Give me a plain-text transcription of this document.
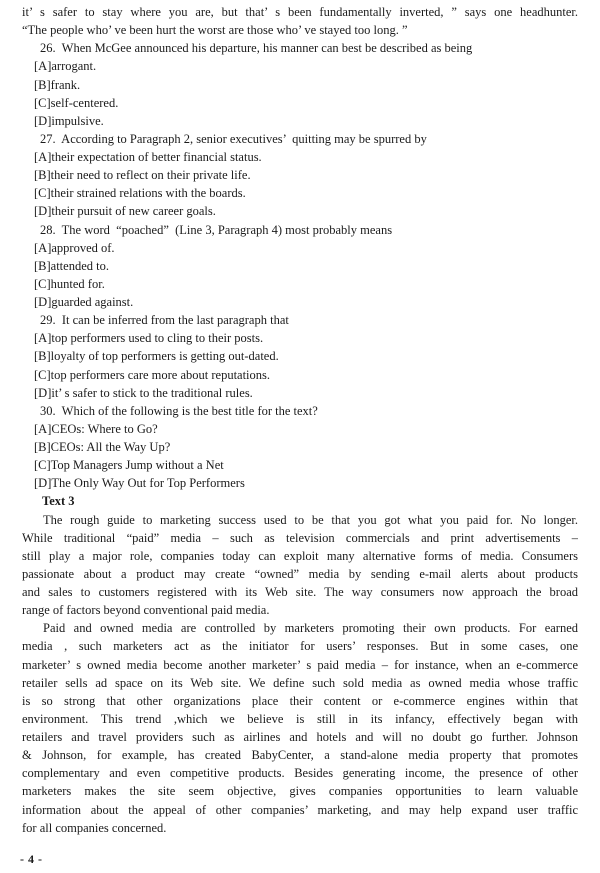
it’ s safer to stay where you are, but that’ s been fundamentally inverted, ” says one headhunter.
“The people who’ ve been hurt the worst are those who’ ve stayed too long. ”
26.  When McGee announced his departure, his manner can best be described as being
[A]arrogant.
[B]frank.
[C]self-centered.
[D]impulsive.
27.  According to Paragraph 2, senior executives’  quitting may be spurred by
[A]their expectation of better financial status.
[B]their need to reflect on their private life.
[C]their strained relations with the boards.
[D]their pursuit of new career goals.
28.  The word  “poached”  (Line 3, Paragraph 4) most probably means
[A]approved of.
[B]attended to.
[C]hunted for.
[D]guarded against.
29.  It can be inferred from the last paragraph that
[A]top performers used to cling to their posts.
[B]loyalty of top performers is getting out-dated.
[C]top performers care more about reputations.
[D]it’ s safer to stick to the traditional rules.
30.  Which of the following is the best title for the text?
[A]CEOs: Where to Go?
[B]CEOs: All the Way Up?
[C]Top Managers Jump without a Net
[D]The Only Way Out for Top Performers
Text 3
The rough guide to marketing success used to be that you got what you paid for. No longer.
While traditional “paid” media – such as television commercials and print advertisements –
still play a major role, companies today can exploit many alternative forms of media. Consumers
passionate about a product may create “owned” media by sending e-mail alerts about products
and sales to customers registered with its Web site. The way consumers now approach the broad
range of factors beyond conventional paid media.
Paid and owned media are controlled by marketers promoting their own products. For earned
media , such marketers act as the initiator for users’ responses. But in some cases, one
marketer’ s owned media become another marketer’ s paid media – for instance, when an e-commerce
retailer sells ad space on its Web site. We define such sold media as owned media whose traffic
is so strong that other organizations place their content or e-commerce engines within that
environment. This trend ,which we believe is still in its infancy, effectively began with
retailers and travel providers such as airlines and hotels and will no doubt go further. Johnson
& Johnson, for example, has created BabyCenter, a stand-alone media property that promotes
complementary and even competitive products. Besides generating income, the presence of other
marketers makes the site seem objective, gives companies opportunities to learn valuable
information about the appeal of other companies’ marketing, and may help expand user traffic
for all companies concerned.
- 4 -
